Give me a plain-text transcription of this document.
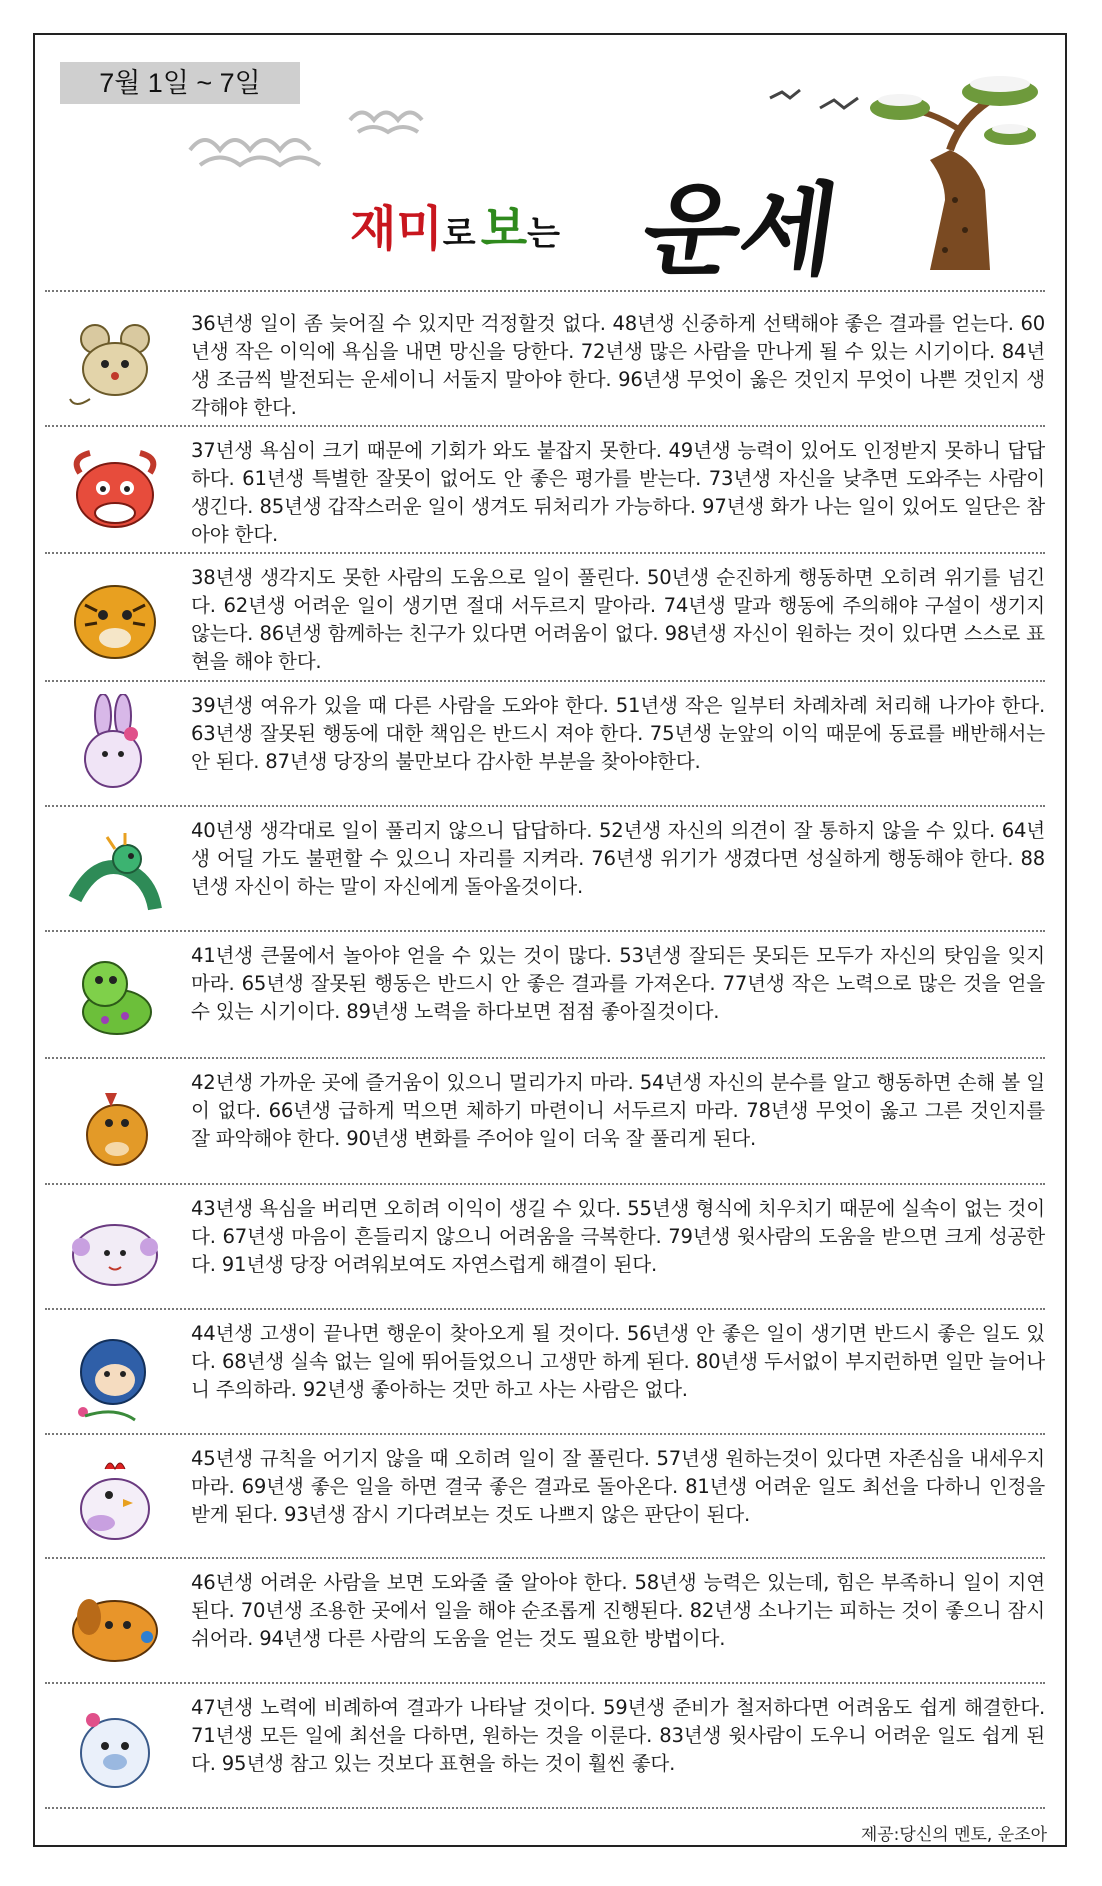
7월 1일 ~ 7일
재미로 보는 운세
36년생 일이 좀 늦어질 수 있지만 걱정할것 없다. 48년생 신중하게 선택해야 좋은 결과를 얻는다. 60년생 작은 이익에 욕심을 내면 망신을 당한다. 72년생 많은 사람을 만나게 될 수 있는 시기이다. 84년생 조금씩 발전되는 운세이니 서둘지 말아야 한다. 96년생 무엇이 옳은 것인지 무엇이 나쁜 것인지 생각해야 한다.
37년생 욕심이 크기 때문에 기회가 와도 붙잡지 못한다. 49년생 능력이 있어도 인정받지 못하니 답답하다. 61년생 특별한 잘못이 없어도 안 좋은 평가를 받는다. 73년생 자신을 낮추면 도와주는 사람이 생긴다. 85년생 갑작스러운 일이 생겨도 뒤처리가 가능하다. 97년생 화가 나는 일이 있어도 일단은 참아야 한다.
38년생 생각지도 못한 사람의 도움으로 일이 풀린다. 50년생 순진하게 행동하면 오히려 위기를 넘긴다. 62년생 어려운 일이 생기면 절대 서두르지 말아라. 74년생 말과 행동에 주의해야 구설이 생기지 않는다. 86년생 함께하는 친구가 있다면 어려움이 없다. 98년생 자신이 원하는 것이 있다면 스스로 표현을 해야 한다.
39년생 여유가 있을 때 다른 사람을 도와야 한다. 51년생 작은 일부터 차례차례 처리해 나가야 한다. 63년생 잘못된 행동에 대한 책임은 반드시 져야 한다. 75년생 눈앞의 이익 때문에 동료를 배반해서는 안 된다. 87년생 당장의 불만보다 감사한 부분을 찾아야한다.
40년생 생각대로 일이 풀리지 않으니 답답하다. 52년생 자신의 의견이 잘 통하지 않을 수 있다. 64년생 어딜 가도 불편할 수 있으니 자리를 지켜라. 76년생 위기가 생겼다면 성실하게 행동해야 한다. 88년생 자신이 하는 말이 자신에게 돌아올것이다.
41년생 큰물에서 놀아야 얻을 수 있는 것이 많다. 53년생 잘되든 못되든 모두가 자신의 탓임을 잊지 마라. 65년생 잘못된 행동은 반드시 안 좋은 결과를 가져온다. 77년생 작은 노력으로 많은 것을 얻을 수 있는 시기이다. 89년생 노력을 하다보면 점점 좋아질것이다.
42년생 가까운 곳에 즐거움이 있으니 멀리가지 마라. 54년생 자신의 분수를 알고 행동하면 손해 볼 일이 없다. 66년생 급하게 먹으면 체하기 마련이니 서두르지 마라. 78년생 무엇이 옳고 그른 것인지를 잘 파악해야 한다. 90년생 변화를 주어야 일이 더욱 잘 풀리게 된다.
43년생 욕심을 버리면 오히려 이익이 생길 수 있다. 55년생 형식에 치우치기 때문에 실속이 없는 것이다. 67년생 마음이 흔들리지 않으니 어려움을 극복한다. 79년생 윗사람의 도움을 받으면 크게 성공한다. 91년생 당장 어려워보여도 자연스럽게 해결이 된다.
44년생 고생이 끝나면 행운이 찾아오게 될 것이다. 56년생 안 좋은 일이 생기면 반드시 좋은 일도 있다. 68년생 실속 없는 일에 뛰어들었으니 고생만 하게 된다. 80년생 두서없이 부지런하면 일만 늘어나니 주의하라. 92년생 좋아하는 것만 하고 사는 사람은 없다.
45년생 규칙을 어기지 않을 때 오히려 일이 잘 풀린다. 57년생 원하는것이 있다면 자존심을 내세우지 마라. 69년생 좋은 일을 하면 결국 좋은 결과로 돌아온다. 81년생 어려운 일도 최선을 다하니 인정을 받게 된다. 93년생 잠시 기다려보는 것도 나쁘지 않은 판단이 된다.
46년생 어려운 사람을 보면 도와줄 줄 알아야 한다. 58년생 능력은 있는데, 힘은 부족하니 일이 지연된다. 70년생 조용한 곳에서 일을 해야 순조롭게 진행된다. 82년생 소나기는 피하는 것이 좋으니 잠시 쉬어라. 94년생 다른 사람의 도움을 얻는 것도 필요한 방법이다.
47년생 노력에 비례하여 결과가 나타날 것이다. 59년생 준비가 철저하다면 어려움도 쉽게 해결한다. 71년생 모든 일에 최선을 다하면, 원하는 것을 이룬다. 83년생 윗사람이 도우니 어려운 일도 쉽게 된다. 95년생 참고 있는 것보다 표현을 하는 것이 훨씬 좋다.
제공:당신의 멘토, 운조아
